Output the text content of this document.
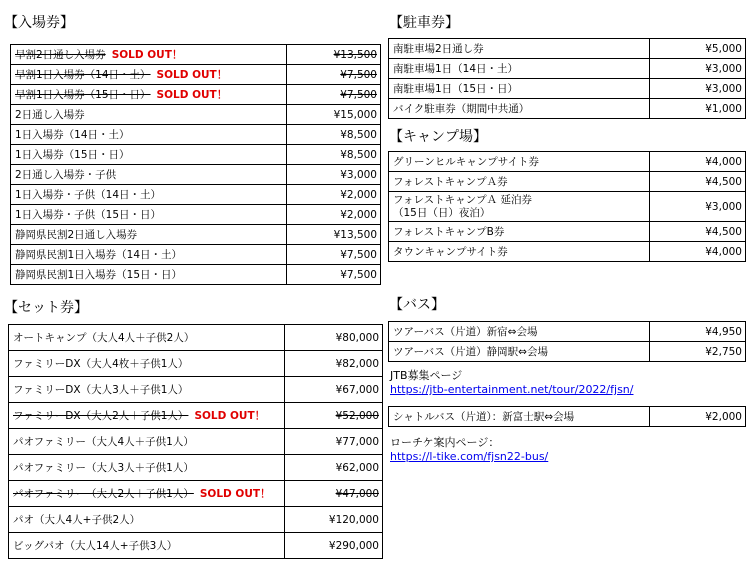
【入場券】
早割2日通し入場券 SOLD OUT！	¥13,500
早割1日入場券（14日・土） SOLD OUT！	¥7,500
早割1日入場券（15日・日） SOLD OUT！	¥7,500
2日通し入場券	¥15,000
1日入場券（14日・土）	¥8,500
1日入場券（15日・日）	¥8,500
2日通し入場券・子供	¥3,000
1日入場券・子供（14日・土）	¥2,000
1日入場券・子供（15日・日）	¥2,000
静岡県民割2日通し入場券	¥13,500
静岡県民割1日入場券（14日・土）	¥7,500
静岡県民割1日入場券（15日・日）	¥7,500
【セット券】
オートキャンプ（大人4人＋子供2人）	¥80,000
ファミリーDX（大人4枚＋子供1人）	¥82,000
ファミリーDX（大人3人＋子供1人）	¥67,000
ファミリーDX（大人2人＋子供1人） SOLD OUT！	¥52,000
パオファミリー（大人4人＋子供1人）	¥77,000
パオファミリー（大人3人＋子供1人）	¥62,000
パオファミリー（大人2人＋子供1人） SOLD OUT！	¥47,000
パオ（大人4人+子供2人）	¥120,000
ビッグパオ（大人14人+子供3人）	¥290,000
【駐車券】
南駐車場2日通し券	¥5,000
南駐車場1日（14日・土）	¥3,000
南駐車場1日（15日・日）	¥3,000
バイク駐車券（期間中共通）	¥1,000
【キャンプ場】
グリーンヒルキャンプサイト券	¥4,000
フォレストキャンプＡ券	¥4,500
フォレストキャンプＡ 延泊券
（15日（日）夜泊）	¥3,000
フォレストキャンプB券	¥4,500
タウンキャンプサイト券	¥4,000
【バス】
ツアーバス（片道）新宿⇔会場	¥4,950
ツアーバス（片道）静岡駅⇔会場	¥2,750
JTB募集ページ
https://jtb-entertainment.net/tour/2022/fjsn/
シャトルバス（片道）：新富士駅⇔会場	¥2,000
ローチケ案内ページ：
https://l-tike.com/fjsn22-bus/
